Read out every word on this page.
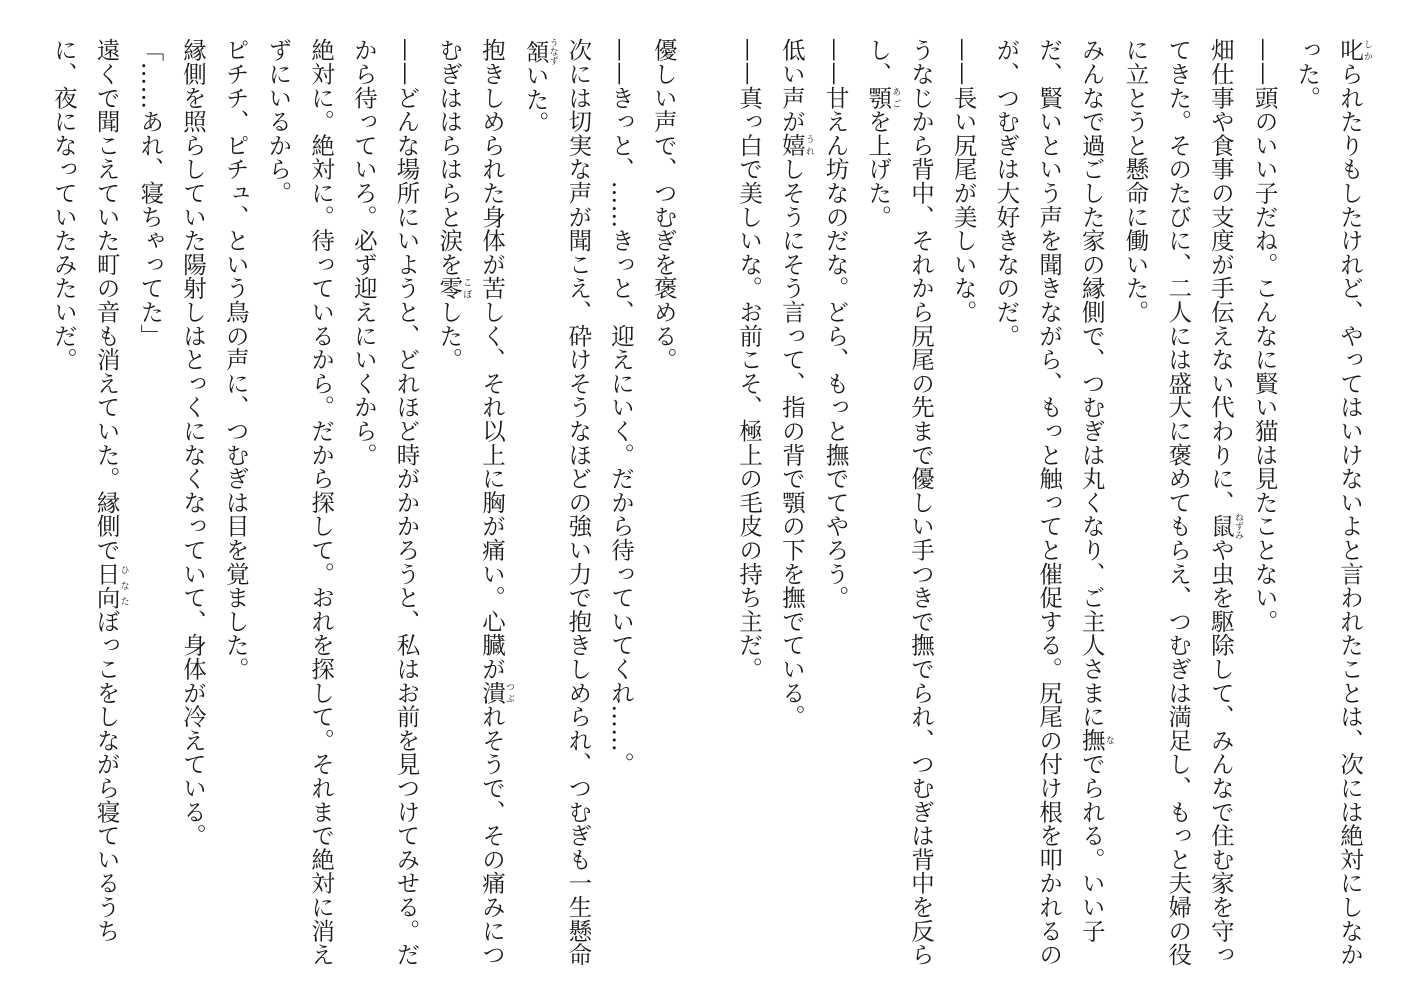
叱しかられたりもしたけれど、やってはいけないよと言われたことは、次には絶対にしなかった。

——頭のいい子だね。こんなに賢い猫は見たことない。

畑仕事や食事の支度が手伝えない代わりに、鼠ねずみや虫を駆除して、みんなで住む家を守ってきた。そのたびに、二人には盛大に褒めてもらえ、つむぎは満足し、もっと夫婦の役に立とうと懸命に働いた。

みんなで過ごした家の縁側で、つむぎは丸くなり、ご主人さまに撫なでられる。いい子だ、賢いという声を聞きながら、もっと触ってと催促する。尻尾の付け根を叩かれるのが、つむぎは大好きなのだ。

——長い尻尾が美しいな。

うなじから背中、それから尻尾の先まで優しい手つきで撫でられ、つむぎは背中を反らし、顎あごを上げた。

——甘えん坊なのだな。どら、もっと撫でてやろう。

低い声が嬉うれしそうにそう言って、指の背で顎の下を撫でている。

——真っ白で美しいな。お前こそ、極上の毛皮の持ち主だ。

優しい声で、つむぎを褒める。

——きっと、……きっと、迎えにいく。だから待っていてくれ……。

次には切実な声が聞こえ、砕けそうなほどの強い力で抱きしめられ、つむぎも一生懸命頷うなずいた。

抱きしめられた身体が苦しく、それ以上に胸が痛い。心臓が潰つぶれそうで、その痛みにつむぎははらはらと涙を零こぼした。

——どんな場所にいようと、どれほど時がかかろうと、私はお前を見つけてみせる。だから待っていろ。必ず迎えにいくから。

絶対に。絶対に。待っているから。だから探して。おれを探して。それまで絶対に消えずにいるから。

ピチチ、ピチュ、という鳥の声に、つむぎは目を覚ました。

縁側を照らしていた陽射しはとっくになくなっていて、身体が冷えている。

「……あれ、寝ちゃってた」

遠くで聞こえていた町の音も消えていた。縁側で日向ひなたぼっこをしながら寝ているうちに、夜になっていたみたいだ。
